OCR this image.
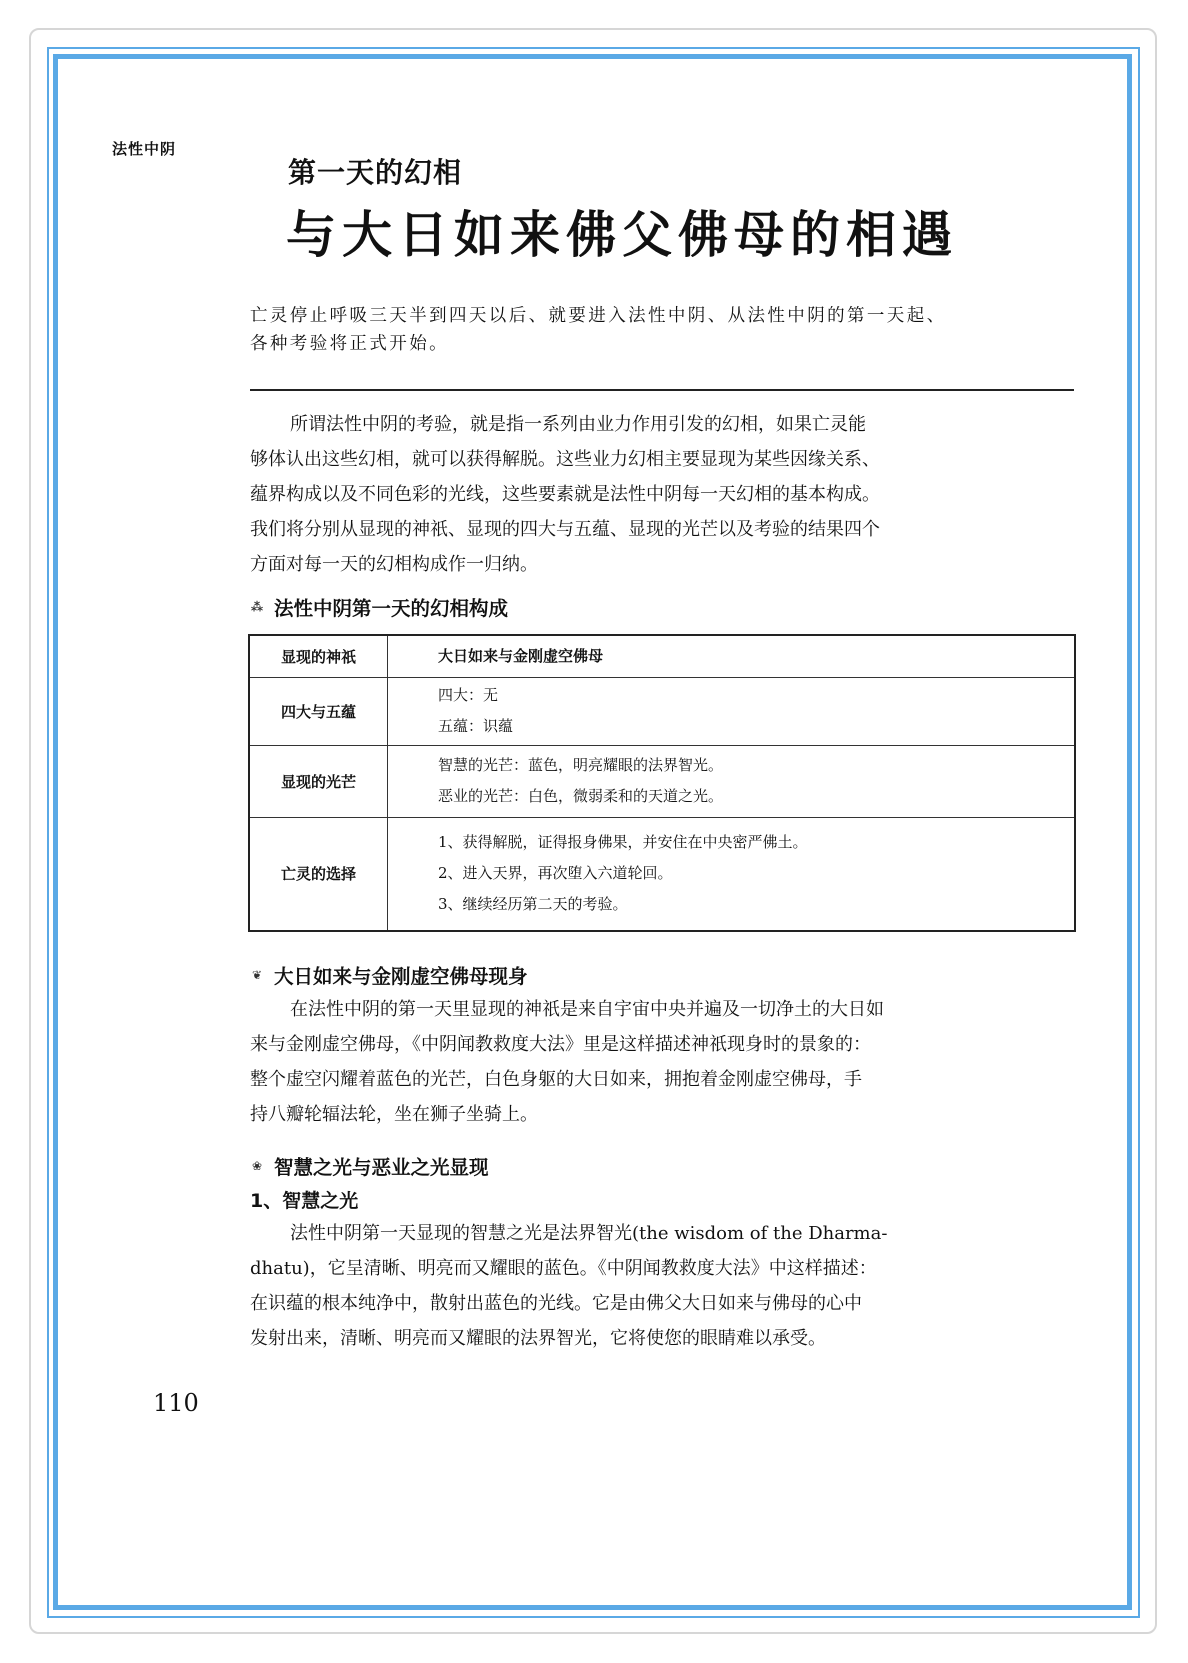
法性中阴
第一天的幻相
与大日如来佛父佛母的相遇
亡灵停止呼吸三天半到四天以后、就要进入法性中阴、从法性中阴的第一天起、
各种考验将正式开始。
所谓法性中阴的考验，就是指一系列由业力作用引发的幻相，如果亡灵能
够体认出这些幻相，就可以获得解脱。这些业力幻相主要显现为某些因缘关系、
蕴界构成以及不同色彩的光线，这些要素就是法性中阴每一天幻相的基本构成。
我们将分别从显现的神祇、显现的四大与五蕴、显现的光芒以及考验的结果四个
方面对每一天的幻相构成作一归纳。
⁂ 法性中阴第一天的幻相构成
显现的神祇	大日如来与金刚虚空佛母

四大与五蕴	四大：无
五蕴：识蕴

显现的光芒	智慧的光芒：蓝色，明亮耀眼的法界智光。
恶业的光芒：白色，微弱柔和的天道之光。

亡灵的选择	1、获得解脱，证得报身佛果，并安住在中央密严佛土。
2、进入天界，再次堕入六道轮回。
3、继续经历第二天的考验。
❦ 大日如来与金刚虚空佛母现身
在法性中阴的第一天里显现的神祇是来自宇宙中央并遍及一切净土的大日如
来与金刚虚空佛母，《中阴闻教救度大法》里是这样描述神祇现身时的景象的：
整个虚空闪耀着蓝色的光芒，白色身躯的大日如来，拥抱着金刚虚空佛母，手
持八瓣轮辐法轮，坐在狮子坐骑上。
❀ 智慧之光与恶业之光显现
1、智慧之光
法性中阴第一天显现的智慧之光是法界智光(the wisdom of the Dharma-
dhatu)，它呈清晰、明亮而又耀眼的蓝色。《中阴闻教救度大法》中这样描述：
在识蕴的根本纯净中，散射出蓝色的光线。它是由佛父大日如来与佛母的心中
发射出来，清晰、明亮而又耀眼的法界智光，它将使您的眼睛难以承受。
110
